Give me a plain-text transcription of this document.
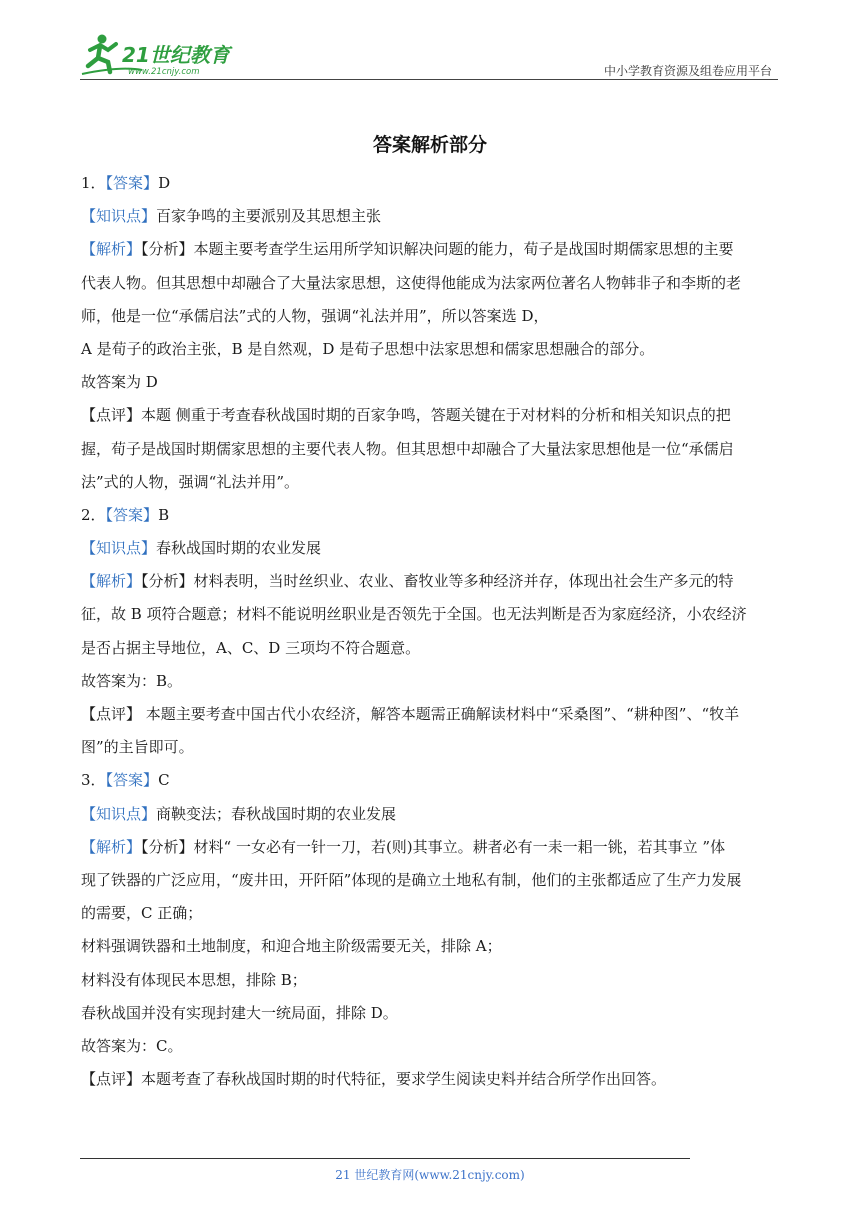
21世纪教育
www.21cnjy.com	中小学教育资源及组卷应用平台
答案解析部分
1．【答案】D
【知识点】百家争鸣的主要派别及其思想主张
【解析】【分析】本题主要考查学生运用所学知识解决问题的能力，荀子是战国时期儒家思想的主要
代表人物。但其思想中却融合了大量法家思想，这使得他能成为法家两位著名人物韩非子和李斯的老
师，他是一位“承儒启法”式的人物，强调“礼法并用”，所以答案选 D，
A 是荀子的政治主张，B 是自然观，D 是荀子思想中法家思想和儒家思想融合的部分。
故答案为 D
【点评】本题 侧重于考查春秋战国时期的百家争鸣，答题关键在于对材料的分析和相关知识点的把
握，荀子是战国时期儒家思想的主要代表人物。但其思想中却融合了大量法家思想他是一位“承儒启
法”式的人物，强调“礼法并用”。
2．【答案】B
【知识点】春秋战国时期的农业发展
【解析】【分析】材料表明，当时丝织业、农业、畜牧业等多种经济并存，体现出社会生产多元的特
征，故 B 项符合题意；材料不能说明丝职业是否领先于全国。也无法判断是否为家庭经济，小农经济
是否占据主导地位，A、C、D 三项均不符合题意。
故答案为：B。
【点评】 本题主要考查中国古代小农经济，解答本题需正确解读材料中“采桑图”、“耕种图”、“牧羊
图”的主旨即可。
3．【答案】C
【知识点】商鞅变法；春秋战国时期的农业发展
【解析】【分析】材料“ 一女必有一针一刀，若(则)其事立。耕者必有一耒一耜一铫，若其事立 ”体
现了铁器的广泛应用，“废井田，开阡陌”体现的是确立土地私有制，他们的主张都适应了生产力发展
的需要，C 正确；
材料强调铁器和土地制度，和迎合地主阶级需要无关，排除 A；
材料没有体现民本思想，排除 B；
春秋战国并没有实现封建大一统局面，排除 D。
故答案为：C。
【点评】本题考查了春秋战国时期的时代特征，要求学生阅读史料并结合所学作出回答。
21 世纪教育网(www.21cnjy.com)
